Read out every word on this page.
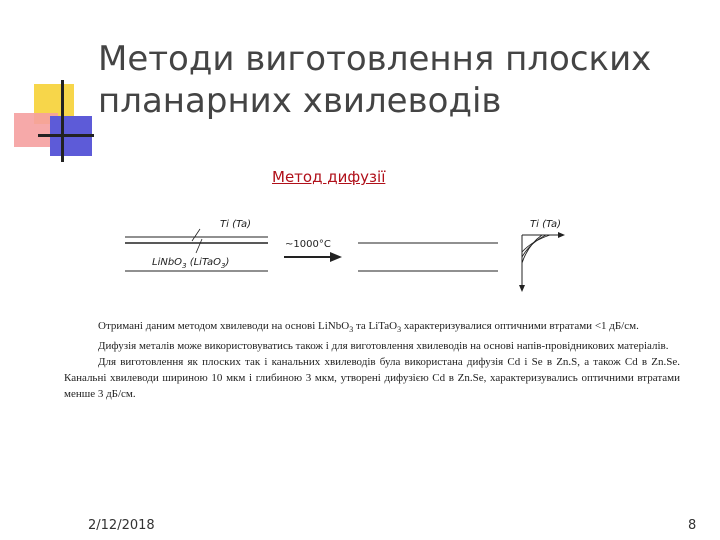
Методи виготовлення плоских
планарних хвилеводів
Метод дифузії
Ti (Ta)
LiNbO$_3$ (LiTaO$_3$)
~1000°C
Ti (Ta)

Отримані даним методом хвилеводи на основі LiNbO$_3$ та LiTaO$_3$ характеризувалися оптичними втратами <1 дБ/см.

Дифузія металів може використовуватись також і для виготовлення хвилеводів на основі напів-провідникових матеріалів.

Для виготовлення як плоских так і канальних хвилеводів була використана дифузія Cd i Se в Zn.S, а також Cd в Zn.Se. Канальні хвилеводи шириною 10 мкм і глибиною 3 мкм, утворені дифузією Cd в Zn.Se, характеризувались оптичними втратами менше 3 дБ/см.

2/12/2018	8
